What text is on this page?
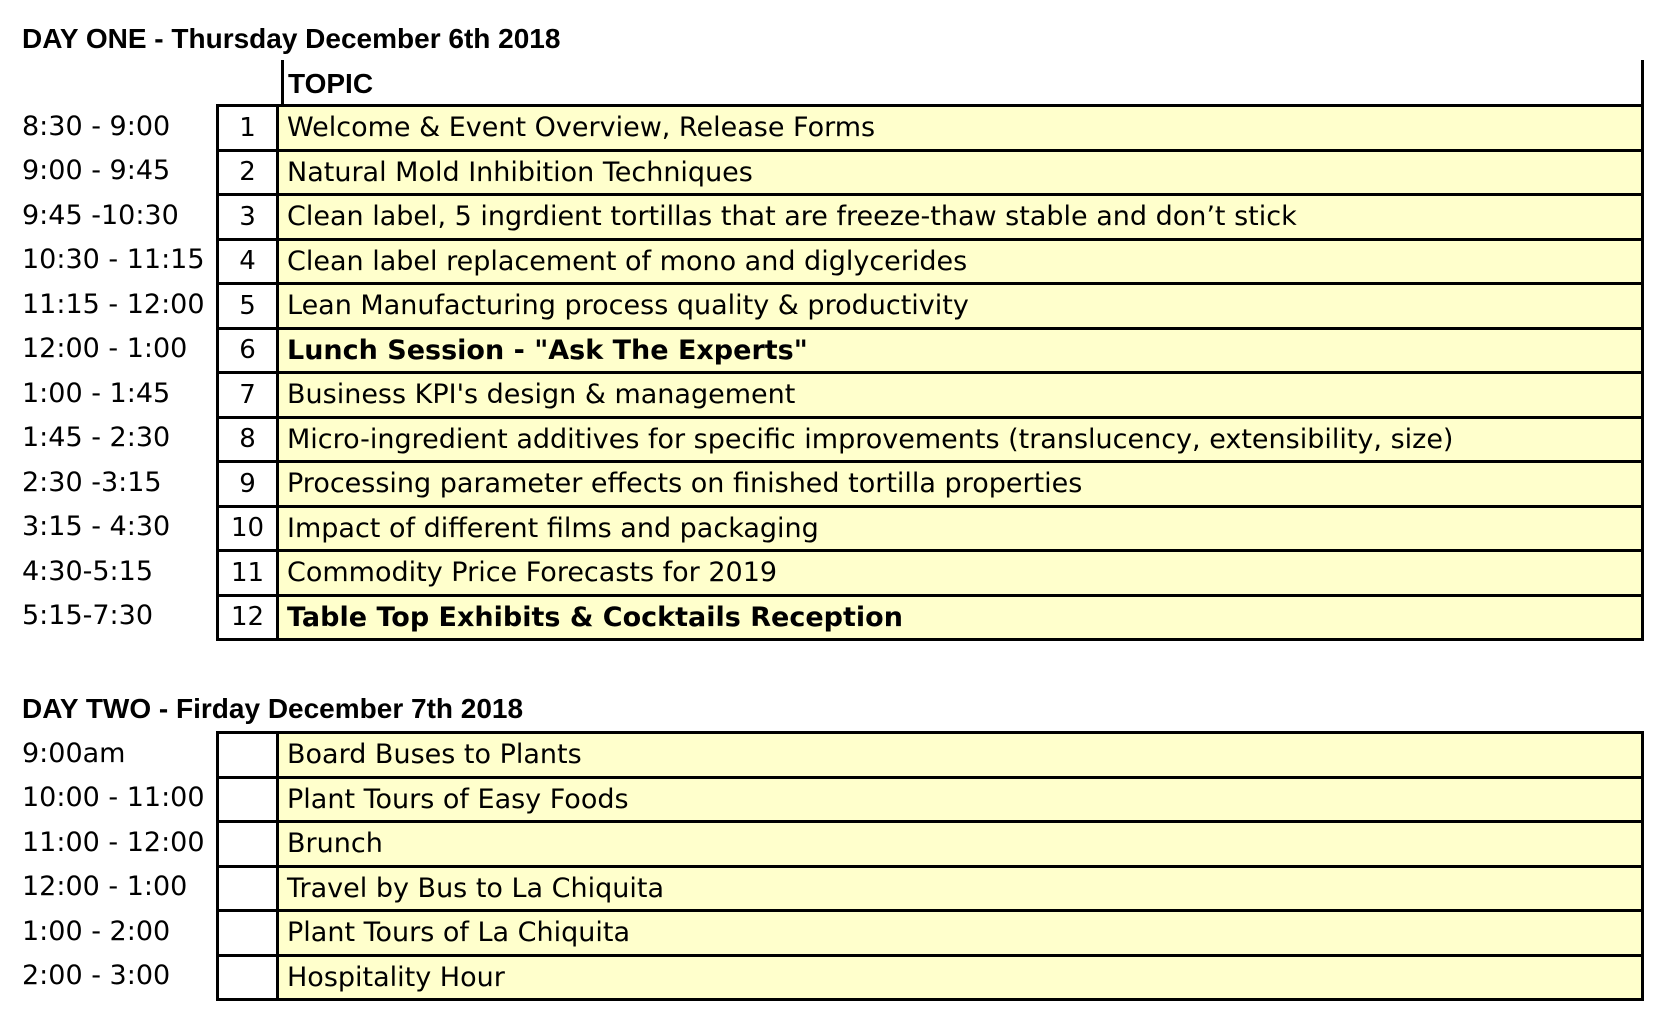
DAY ONE - Thursday December 6th 2018
TOPIC
8:30 - 9:00	1	Welcome & Event Overview, Release Forms
9:00 - 9:45	2	Natural Mold Inhibition Techniques
9:45 -10:30	3	Clean label, 5 ingrdient tortillas that are freeze-thaw stable and don’t stick
10:30 - 11:15	4	Clean label replacement of mono and diglycerides
11:15 - 12:00	5	Lean Manufacturing process quality & productivity
12:00 - 1:00	6	Lunch Session - "Ask The Experts"
1:00 - 1:45	7	Business KPI's design & management
1:45 - 2:30	8	Micro-ingredient additives for specific improvements (translucency, extensibility, size)
2:30 -3:15	9	Processing parameter effects on finished tortilla properties
3:15 - 4:30	10 Impact of different films and packaging
4:30-5:15	11 Commodity Price Forecasts for 2019
5:15-7:30	12 Table Top Exhibits & Cocktails Reception
DAY TWO - Firday December 7th 2018
9:00am	Board Buses to Plants
10:00 - 11:00	Plant Tours of Easy Foods
11:00 - 12:00	Brunch
12:00 - 1:00	Travel by Bus to La Chiquita
1:00 - 2:00	Plant Tours of La Chiquita
2:00 - 3:00	Hospitality Hour
